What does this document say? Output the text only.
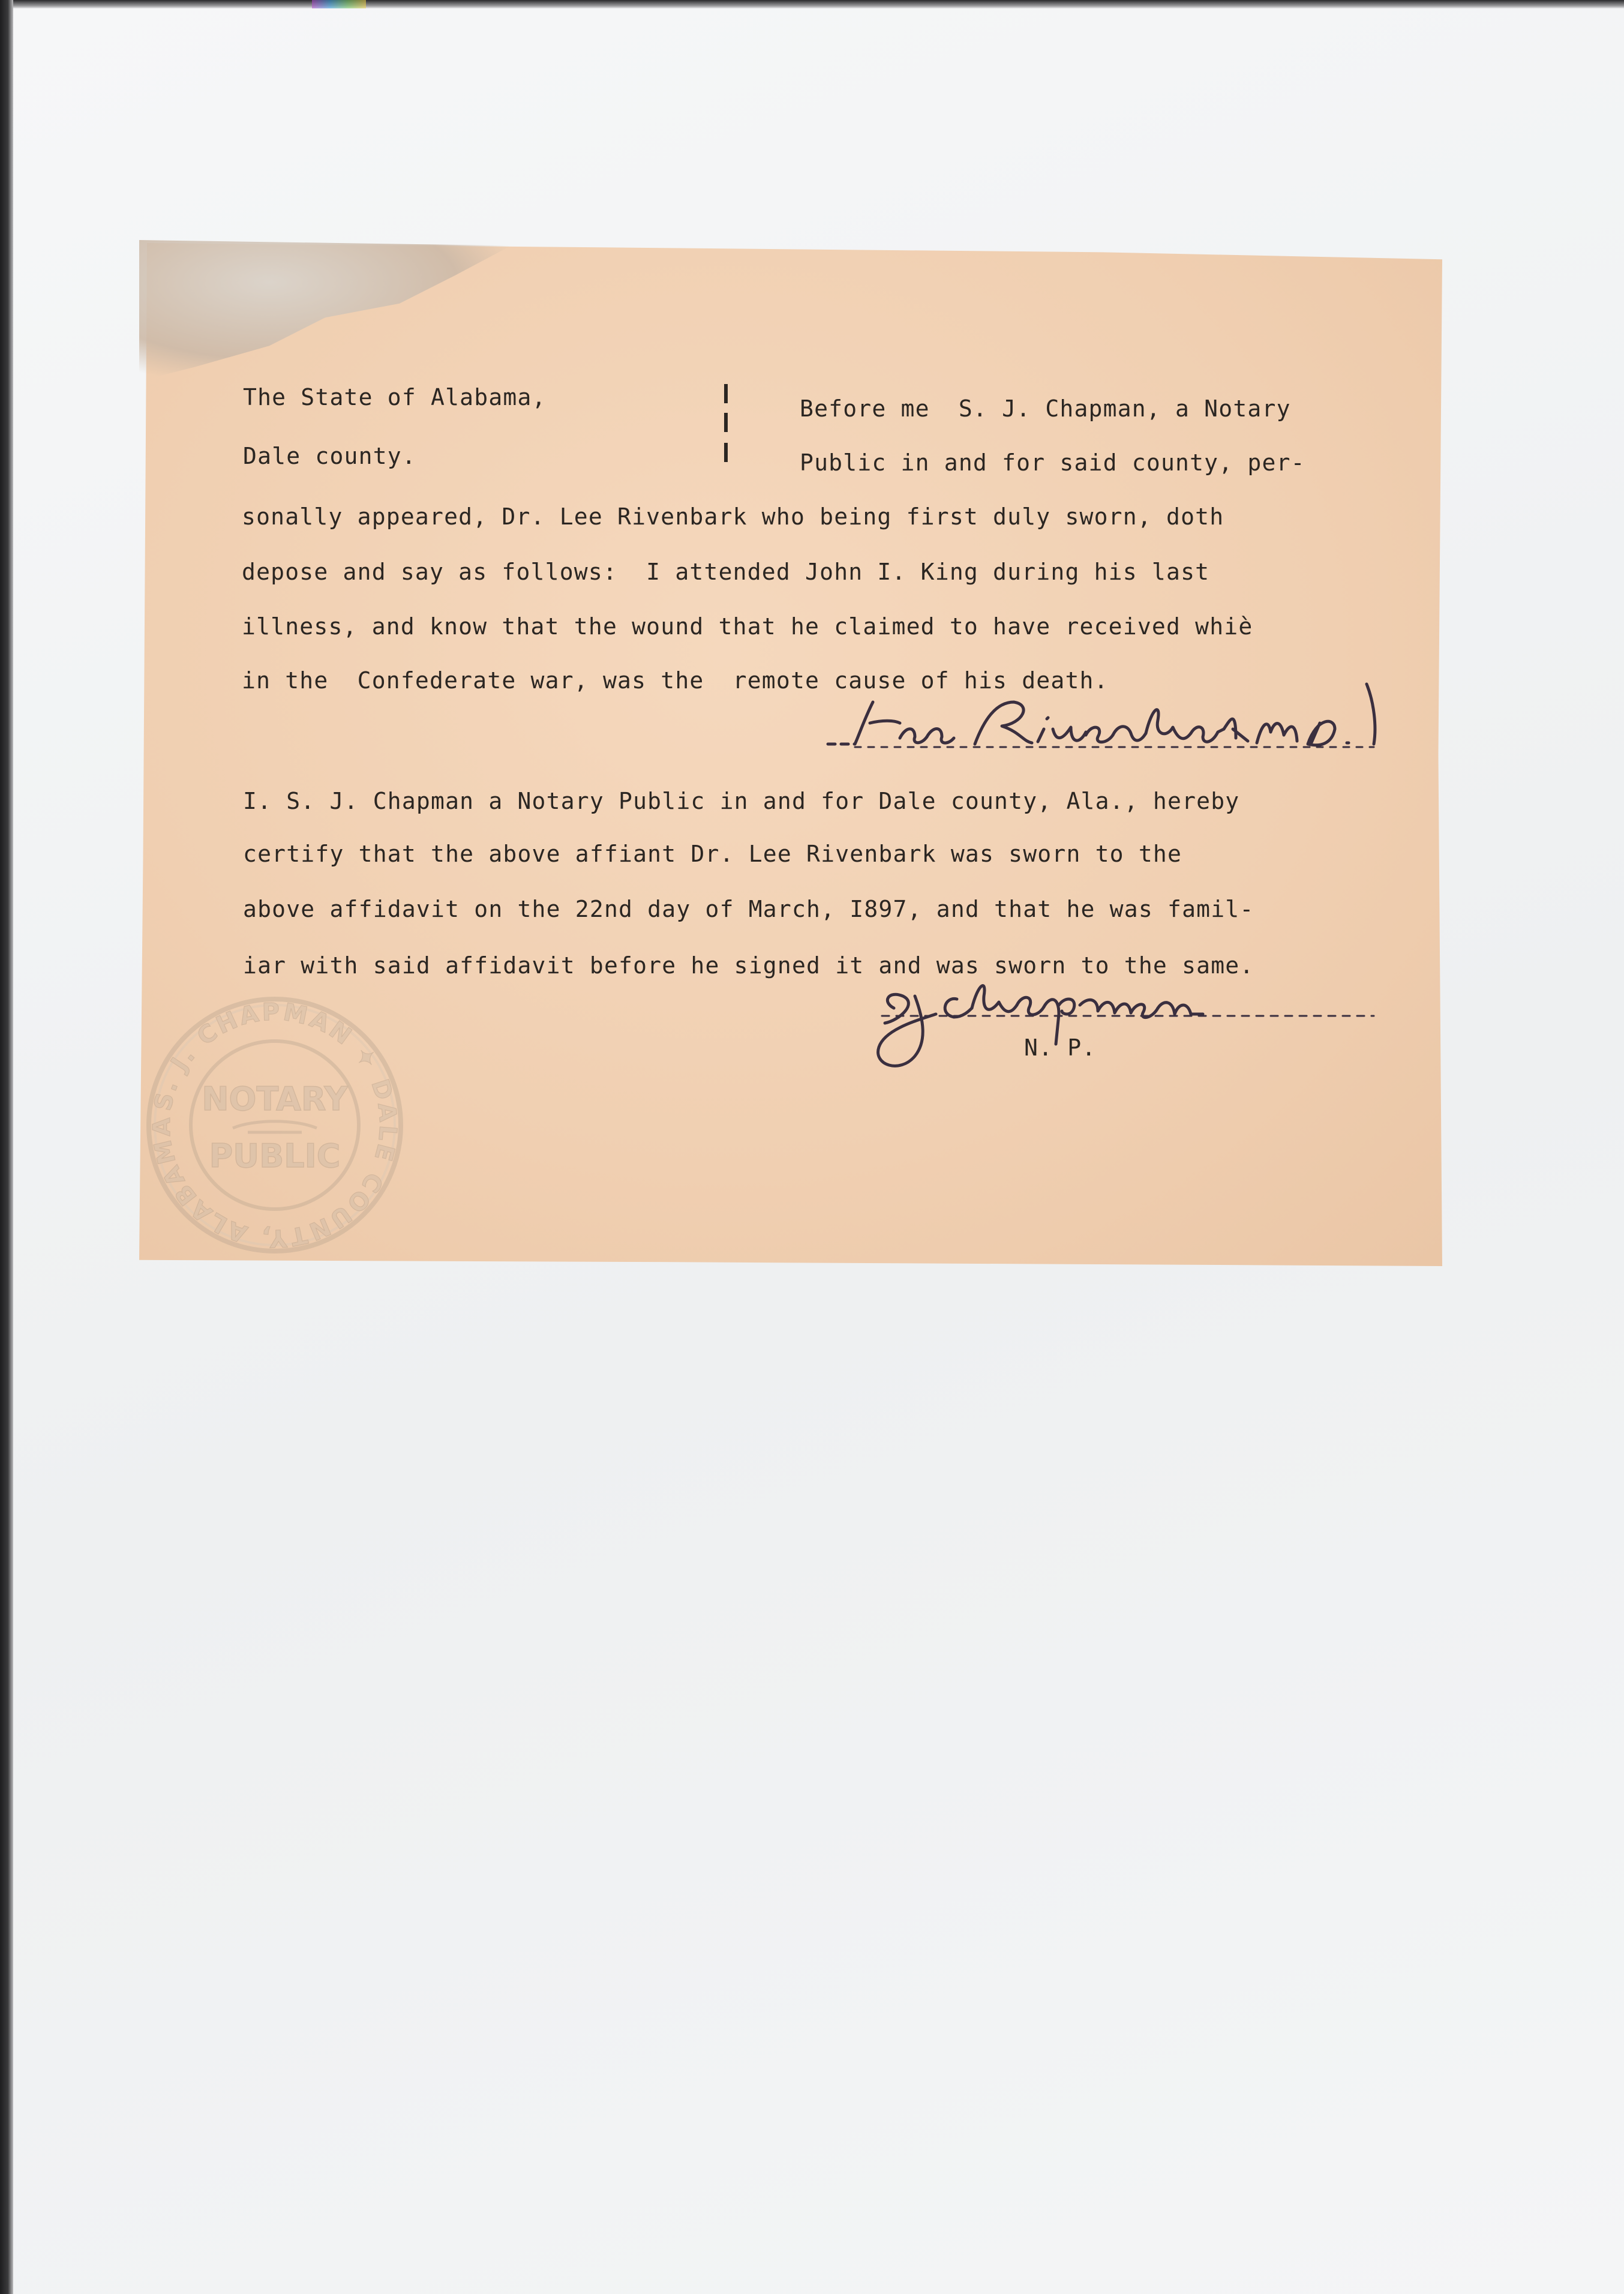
The State of Alabama,
Dale county.
Before me  S. J. Chapman, a Notary
Public in and for said county, per-
sonally appeared, Dr. Lee Rivenbark who being first duly sworn, doth
depose and say as follows:  I attended John I. King during his last
illness, and know that the wound that he claimed to have received whiè
in the  Confederate war, was the  remote cause of his death.
I. S. J. Chapman a Notary Public in and for Dale county, Ala., hereby
certify that the above affiant Dr. Lee Rivenbark was sworn to the
above affidavit on the 22nd day of March, I897, and that he was famil-
iar with said affidavit before he signed it and was sworn to the same.
N. P.
S. J. CHAPMAN ✦ DALE COUNTY, ALABAMA
NOTARY
PUBLIC
